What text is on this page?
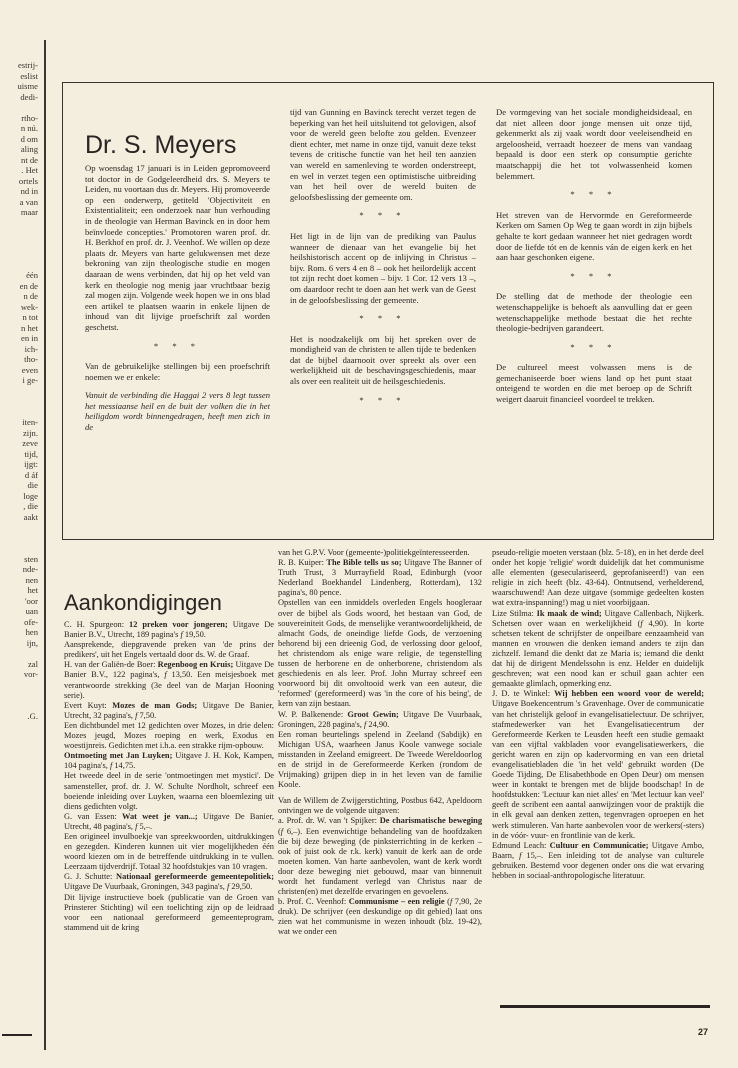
estrij-
eslist
uisme
dedi-

rtho-
n nú.
d om
aling
nt de
. Het
ortels
nd in
a van
maar

één
en de
n de
wek-
n tot
n het
en in
ich-
tho-
even
i ge-

iten-
zijn.
zeve
tijd,
ijgt:
d áf
die
loge
, die
aakt

sten
nde-
nen
het
'oor
uan
ofe-
hen
ijn,

zal
vor-

.G.
Dr. S. Meyers

Op woensdag 17 januari is in Leiden gepromoveerd tot doctor in de Godgeleerdheid drs. S. Meyers te Leiden, nu voortaan dus dr. Meyers. Hij promoveerde op een onderwerp, getiteld 'Objectiviteit en Existentialiteit; een onderzoek naar hun verhouding in de theologie van Herman Bavinck en in door hem beïnvloede concepties.' Promotoren waren prof. dr. H. Berkhof en prof. dr. J. Veenhof. We willen op deze plaats dr. Meyers van harte gelukwensen met deze bekroning van zijn theologische studie en mogen daaraan de wens verbinden, dat hij op het veld van kerk en theologie nog menig jaar vruchtbaar bezig zal mogen zijn. Volgende week hopen we in ons blad een artikel te plaatsen waarin in enkele lijnen de inhoud van dit lijvige proefschrift zal worden geschetst.

* * *

Van de gebruikelijke stellingen bij een proefschrift noemen we er enkele:

Vanuit de verbinding die Haggai 2 vers 8 legt tussen het messiaanse heil en de buit der volken die in het heiligdom wordt binnengedragen, heeft men zich in de

tijd van Gunning en Bavinck terecht verzet tegen de beperking van het heil uitsluitend tot gelovigen, alsof voor de wereld geen belofte zou gelden. Evenzeer dient echter, met name in onze tijd, vanuit deze tekst tevens de critische functie van het heil ten aanzien van wereld en samenleving te worden onderstreept, en wel in verzet tegen een optimistische uitbreiding van het heil over de wereld buiten de geloofsbeslissing der gemeente om.

* * *

Het ligt in de lijn van de prediking van Paulus wanneer de dienaar van het evangelie bij het heilshistorisch accent op de inlijving in Christus – bijv. Rom. 6 vers 4 en 8 – ook het heilordelijk accent tot zijn recht doet komen – bijv. 1 Cor. 12 vers 13 –, om daardoor recht te doen aan het werk van de Geest in de geloofsbeslissing der gemeente.

* * *

Het is noodzakelijk om bij het spreken over de mondigheid van de christen te allen tijde te bedenken dat de bijbel daarnooit over spreekt als over een werkelijkheid uit de beschavingsgeschiedenis, maar als over een realiteit uit de heilsgeschiedenis.

* * *

De vormgeving van het sociale mondigheidsideaal, en dat niet alleen door jonge mensen uit onze tijd, gekenmerkt als zij vaak wordt door veeleisendheid en argeloosheid, verraadt hoezeer de mens van vandaag bepaald is door een sterk op consumptie gerichte maatschappij die het tot volwassenheid komen belemmert.

* * *

Het streven van de Hervormde en Gereformeerde Kerken om Samen Op Weg te gaan wordt in zijn bijbels gehalte te kort gedaan wanneer het niet gedragen wordt door de liefde tót en de kennis ván de eigen kerk en het aan haar geschonken eigene.

* * *

De stelling dat de methode der theologie een wetenschappelijke is behoeft als aanvulling dat er geen wetenschappelijke methode bestaat die het rechte theologie-bedrijven garandeert.

* * *

De cultureel meest volwassen mens is de gemechaniseerde boer wiens land op het punt staat onteigend te worden en die met beroep op de Schrift weigert daaruit financieel voordeel te trekken.

Aankondigingen

C. H. Spurgeon: 12 preken voor jongeren; Uitgave De Banier B.V., Utrecht, 189 pagina's f 19,50.

Aansprekende, diepgravende preken van 'de prins der predikers', uit het Engels vertaald door ds. W. de Graaf.

H. van der Galiën-de Boer: Regenboog en Kruis; Uitgave De Banier B.V., 122 pagina's, f 13,50. Een meisjesboek met verantwoorde strekking (3e deel van de Marjan Hooning serie).

Evert Kuyt: Mozes de man Gods; Uitgave De Banier, Utrecht, 32 pagina's, f 7,50.

Een dichtbundel met 12 gedichten over Mozes, in drie delen: Mozes jeugd, Mozes roeping en werk, Exodus en woestijnreis. Gedichten met i.h.a. een strakke rijm-opbouw.

Ontmoeting met Jan Luyken; Uitgave J. H. Kok, Kampen, 104 pagina's, f 14,75.

Het tweede deel in de serie 'ontmoetingen met mystici'. De samensteller, prof. dr. J. W. Schulte Nordholt, schreef een boeiende inleiding over Luyken, waarna een bloemlezing uit diens gedichten volgt.

G. van Essen: Wat weet je van...; Uitgave De Banier, Utrecht, 48 pagina's, f 5,–.

Een origineel invulboekje van spreekwoorden, uitdrukkingen en gezegden. Kinderen kunnen uit vier mogelijkheden één woord kiezen om in de betreffende uitdrukking in te vullen. Leerzaam tijdverdrijf. Totaal 32 hoofdstukjes van 10 vragen.

G. J. Schutte: Nationaal gereformeerde gemeentepolitiek; Uitgave De Vuurbaak, Groningen, 343 pagina's, f 29,50.

Dit lijvige instructieve boek (publicatie van de Groen van Prinsterer Stichting) wil een toelichting zijn op de leidraad voor een nationaal gereformeerd gemeenteprogram, stammend uit de kring

van het G.P.V. Voor (gemeente-)politiekgeïnteresseerden.

R. B. Kuiper: The Bible tells us so; Uitgave The Banner of Truth Trust, 3 Murrayfield Road, Edinburgh (voor Nederland Boekhandel Lindenberg, Rotterdam), 132 pagina's, 80 pence.

Opstellen van een inmiddels overleden Engels hoogleraar over de bijbel als Gods woord, het bestaan van God, de souvereiniteit Gods, de menselijke verantwoordelijkheid, de almacht Gods, de oneindige liefde Gods, de verzoening behorend bij een drieenig God, de verlossing door geloof, het christendom als enige ware religie, de tegenstelling tussen de herborene en de onherborene, christendom als geschiedenis en als leer. Prof. John Murray schreef een voorwoord bij dit onvoltooid werk van een auteur, die 'reformed' (gereformeerd) was 'in the core of his being', de kern van zijn bestaan.

W. P. Balkenende: Groot Gewin; Uitgave De Vuurbaak, Groningen, 228 pagina's, f 24,90.

Een roman beurtelings spelend in Zeeland (Sabdijk) en Michigan USA, waarheen Janus Koole vanwege sociale misstanden in Zeeland emigreert. De Tweede Wereldoorlog en de strijd in de Gereformeerde Kerken (rondom de Vrijmaking) grijpen diep in in het leven van de familie Koole.

Van de Willem de Zwijgerstichting, Postbus 642, Apeldoorn ontvingen we de volgende uitgaven:

a. Prof. dr. W. van 't Spijker: De charismatische beweging (f 6,–). Een evenwichtige behandeling van de hoofdzaken die bij deze beweging (de pinksterrichting in de kerken – ook of juist ook de r.k. kerk) vanuit de kerk aan de orde moeten komen. Van harte aanbevolen, want de kerk wordt door deze beweging niet gebouwd, maar van binnenuit wordt het fundament verlegd van Christus naar de christen(en) met dezelfde ervaringen en gevoelens.

b. Prof. C. Veenhof: Communisme – een religie (f 7,90, 2e druk). De schrijver (een deskundige op dit gebied) laat ons zien wat het communisme in wezen inhoudt (blz. 19-42), wat we onder een

pseudo-religie moeten verstaan (blz. 5-18), en in het derde deel onder het kopje 'religie' wordt duidelijk dat het communisme alle elementen (geseculariseerd, geprofaniseerd!) van een religie in zich heeft (blz. 43-64). Ontnutsend, verhelderend, waarschuwend! Aan deze uitgave (sommige gedeelten kosten wat extra-inspanning!) mag u niet voorbijgaan.

Lize Stilma: Ik maak de wind; Uitgave Callenbach, Nijkerk. Schetsen over waan en werkelijkheid (f 4,90). In korte schetsen tekent de schrijfster de onpeilbare eenzaamheid van mannen en vrouwen die denken iemand anders te zijn dan zichzelf. Iemand die denkt dat ze Maria is; iemand die denkt dat hij de dirigent Mendelssohn is enz. Helder en duidelijk geschreven; wat een nood kan er schuil gaan achter een gemaakte glimlach, opmerking enz.

J. D. te Winkel: Wij hebben een woord voor de wereld; Uitgave Boekencentrum 's Gravenhage. Over de communicatie van het christelijk geloof in evangelisatielectuur. De schrijver, stafmedewerker van het Evangelisatiecentrum der Gereformeerde Kerken te Leusden heeft een studie gemaakt van een vijftal vakbladen voor evangelisatiewerkers, die gericht waren en zijn op kadervorming en van een drietal evangelisatiebladen die 'in het veld' gebruikt worden (De Goede Tijding, De Elisabethbode en Open Deur) om mensen weer in kontakt te brengen met de blijde boodschap! In de hoofdstukken: 'Lectuur kan niet alles' en 'Met lectuur kan veel' geeft de scribent een aantal aanwijzingen voor de praktijk die in elk geval aan denken zetten, tegenvragen oproepen en het werk stimuleren. Van harte aanbevolen voor de werkers(-sters) in de vóór- vuur- en frontlinie van de kerk.

Edmund Leach: Cultuur en Communicatie; Uitgave Ambo, Baarn, f 15,–. Een inleiding tot de analyse van culturele gebruiken. Bestemd voor degenen onder ons die wat ervaring hebben in sociaal-anthropologische literatuur.

27
